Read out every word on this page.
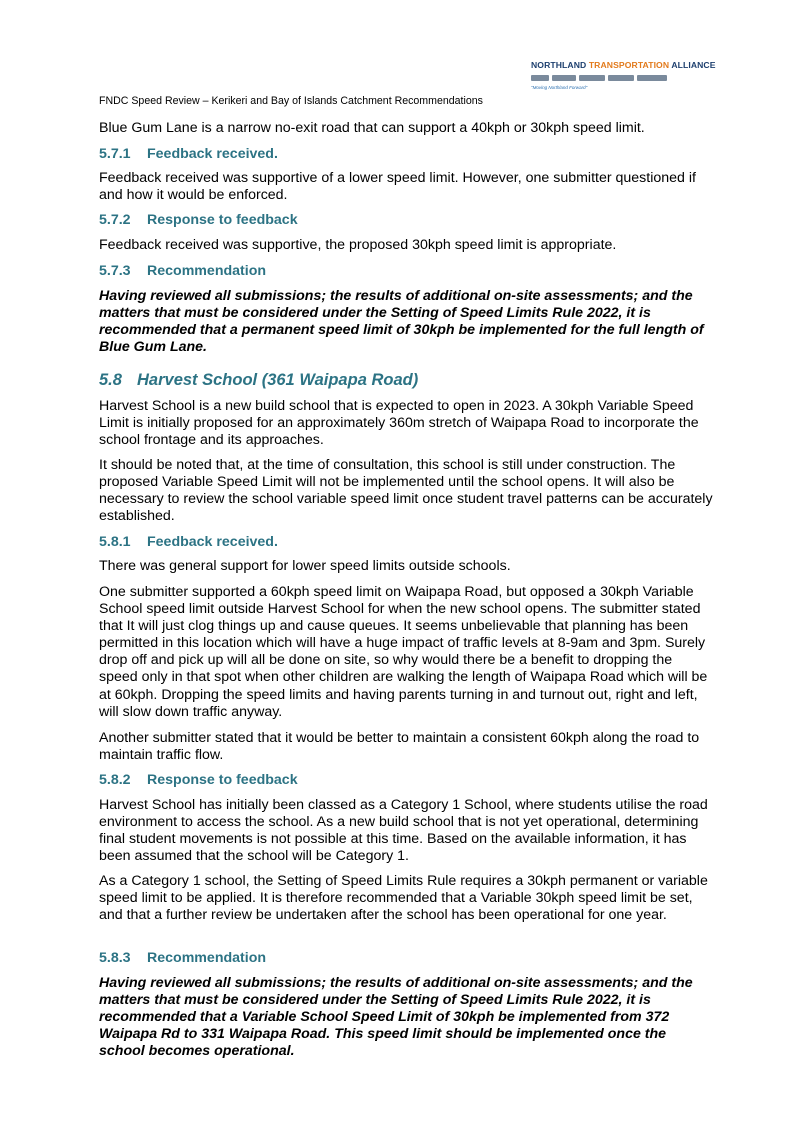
NORTHLAND TRANSPORTATION ALLIANCE
"Moving Northland Forward"
FNDC Speed Review – Kerikeri and Bay of Islands Catchment Recommendations
Blue Gum Lane is a narrow no-exit road that can support a 40kph or 30kph speed limit.
5.7.1 Feedback received.
Feedback received was supportive of a lower speed limit. However, one submitter questioned if and how it would be enforced.
5.7.2 Response to feedback
Feedback received was supportive, the proposed 30kph speed limit is appropriate.
5.7.3 Recommendation
Having reviewed all submissions; the results of additional on-site assessments; and the matters that must be considered under the Setting of Speed Limits Rule 2022, it is recommended that a permanent speed limit of 30kph be implemented for the full length of Blue Gum Lane.
5.8 Harvest School (361 Waipapa Road)
Harvest School is a new build school that is expected to open in 2023. A 30kph Variable Speed Limit is initially proposed for an approximately 360m stretch of Waipapa Road to incorporate the school frontage and its approaches.
It should be noted that, at the time of consultation, this school is still under construction. The proposed Variable Speed Limit will not be implemented until the school opens. It will also be necessary to review the school variable speed limit once student travel patterns can be accurately established.
5.8.1 Feedback received.
There was general support for lower speed limits outside schools.
One submitter supported a 60kph speed limit on Waipapa Road, but opposed a 30kph Variable School speed limit outside Harvest School for when the new school opens. The submitter stated that It will just clog things up and cause queues. It seems unbelievable that planning has been permitted in this location which will have a huge impact of traffic levels at 8-9am and 3pm. Surely drop off and pick up will all be done on site, so why would there be a benefit to dropping the speed only in that spot when other children are walking the length of Waipapa Road which will be at 60kph. Dropping the speed limits and having parents turning in and turnout out, right and left, will slow down traffic anyway.
Another submitter stated that it would be better to maintain a consistent 60kph along the road to maintain traffic flow.
5.8.2 Response to feedback
Harvest School has initially been classed as a Category 1 School, where students utilise the road environment to access the school. As a new build school that is not yet operational, determining final student movements is not possible at this time. Based on the available information, it has been assumed that the school will be Category 1.
As a Category 1 school, the Setting of Speed Limits Rule requires a 30kph permanent or variable speed limit to be applied. It is therefore recommended that a Variable 30kph speed limit be set, and that a further review be undertaken after the school has been operational for one year.
5.8.3 Recommendation
Having reviewed all submissions; the results of additional on-site assessments; and the matters that must be considered under the Setting of Speed Limits Rule 2022, it is recommended that a Variable School Speed Limit of 30kph be implemented from 372 Waipapa Rd to 331 Waipapa Road. This speed limit should be implemented once the school becomes operational.
